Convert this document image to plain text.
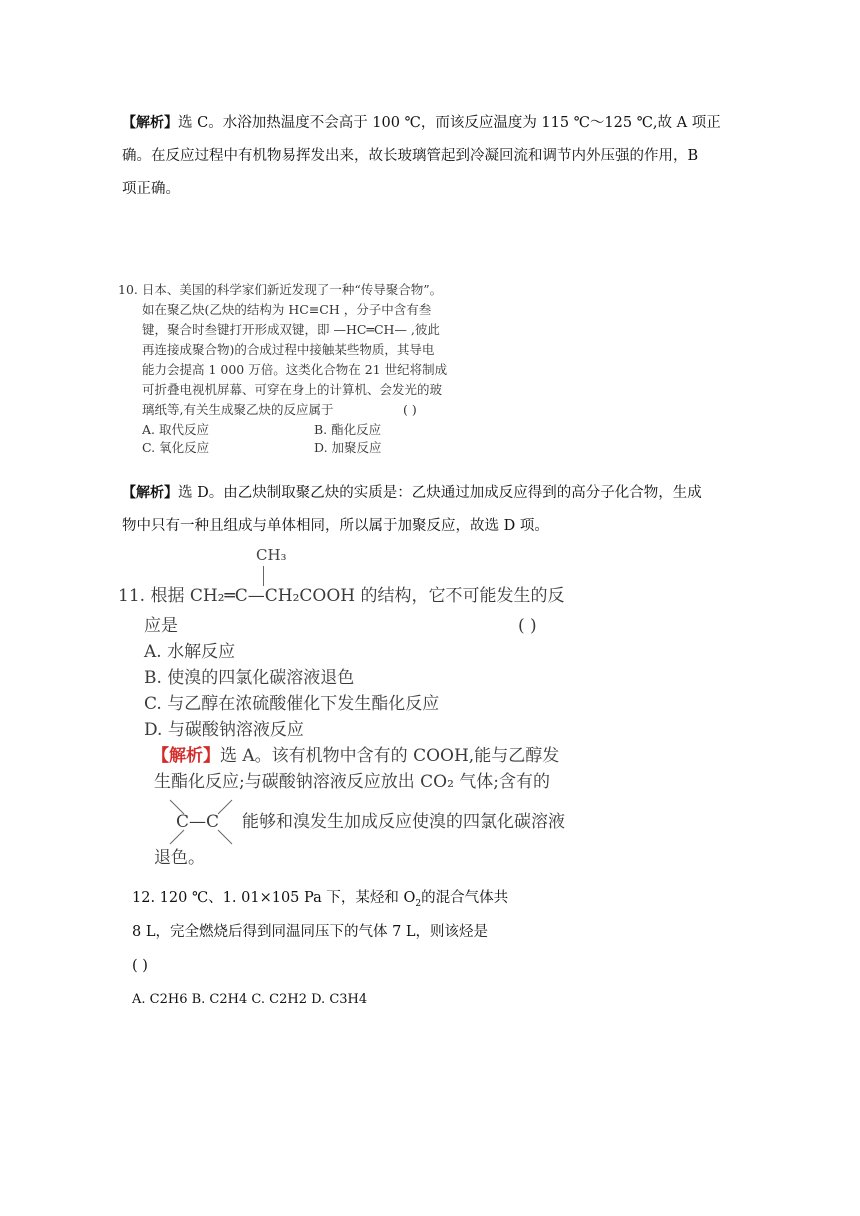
【解析】选 C。水浴加热温度不会高于 100 ℃，而该反应温度为 115 ℃～125 ℃,故 A 项正
确。在反应过程中有机物易挥发出来，故长玻璃管起到冷凝回流和调节内外压强的作用，B
项正确。
10. 日本、美国的科学家们新近发现了一种“传导聚合物”。
如在聚乙炔(乙炔的结构为 HC≡CH ，分子中含有叁
键，聚合时叁键打开形成双键，即 —HC═CH— ,彼此
再连接成聚合物)的合成过程中接触某些物质，其导电
能力会提高 1 000 万倍。这类化合物在 21 世纪将制成
可折叠电视机屏幕、可穿在身上的计算机、会发光的玻
璃纸等,有关生成聚乙炔的反应属于	( )
A. 取代反应	B. 酯化反应
C. 氧化反应	D. 加聚反应
【解析】选 D。由乙炔制取聚乙炔的实质是：乙炔通过加成反应得到的高分子化合物，生成
物中只有一种且组成与单体相同，所以属于加聚反应，故选 D 项。
CH₃
11. 根据 CH₂═C—CH₂COOH 的结构，它不可能发生的反
应是	( )
A. 水解反应
B. 使溴的四氯化碳溶液退色
C. 与乙醇在浓硫酸催化下发生酯化反应
D. 与碳酸钠溶液反应
【解析】选 A。该有机物中含有的 COOH,能与乙醇发
生酯化反应;与碳酸钠溶液反应放出 CO₂ 气体;含有的
C—C 能够和溴发生加成反应使溴的四氯化碳溶液
退色。
12. 120 ℃、1. 01×105 Pa 下，某烃和 $O_2$的混合气体共
8 L，完全燃烧后得到同温同压下的气体 7 L，则该烃是
( )
A. C2H6 B. C2H4 C. C2H2 D. C3H4
